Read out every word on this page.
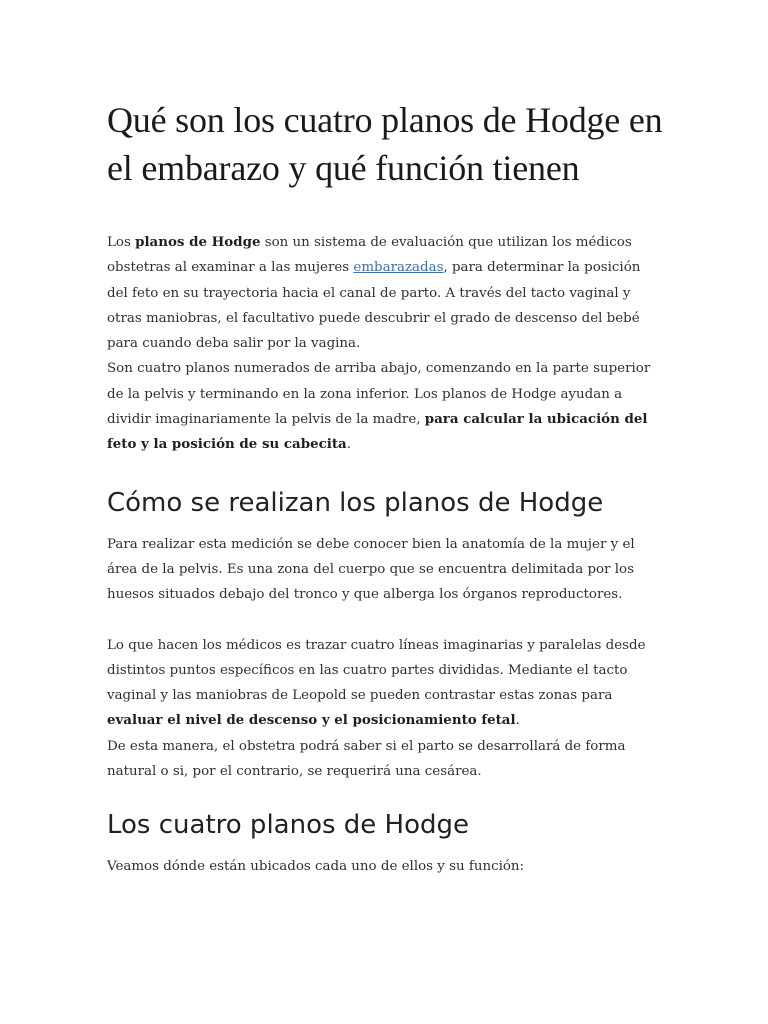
Qué son los cuatro planos de Hodge en el embarazo y qué función tienen

Los planos de Hodge son un sistema de evaluación que utilizan los médicos obstetras al examinar a las mujeres embarazadas, para determinar la posición del feto en su trayectoria hacia el canal de parto. A través del tacto vaginal y otras maniobras, el facultativo puede descubrir el grado de descenso del bebé para cuando deba salir por la vagina.
Son cuatro planos numerados de arriba abajo, comenzando en la parte superior de la pelvis y terminando en la zona inferior. Los planos de Hodge ayudan a dividir imaginariamente la pelvis de la madre, para calcular la ubicación del feto y la posición de su cabecita.

Cómo se realizan los planos de Hodge

Para realizar esta medición se debe conocer bien la anatomía de la mujer y el área de la pelvis. Es una zona del cuerpo que se encuentra delimitada por los huesos situados debajo del tronco y que alberga los órganos reproductores.

Lo que hacen los médicos es trazar cuatro líneas imaginarias y paralelas desde distintos puntos específicos en las cuatro partes divididas. Mediante el tacto vaginal y las maniobras de Leopold se pueden contrastar estas zonas para evaluar el nivel de descenso y el posicionamiento fetal.
De esta manera, el obstetra podrá saber si el parto se desarrollará de forma natural o si, por el contrario, se requerirá una cesárea.

Los cuatro planos de Hodge

Veamos dónde están ubicados cada uno de ellos y su función:
